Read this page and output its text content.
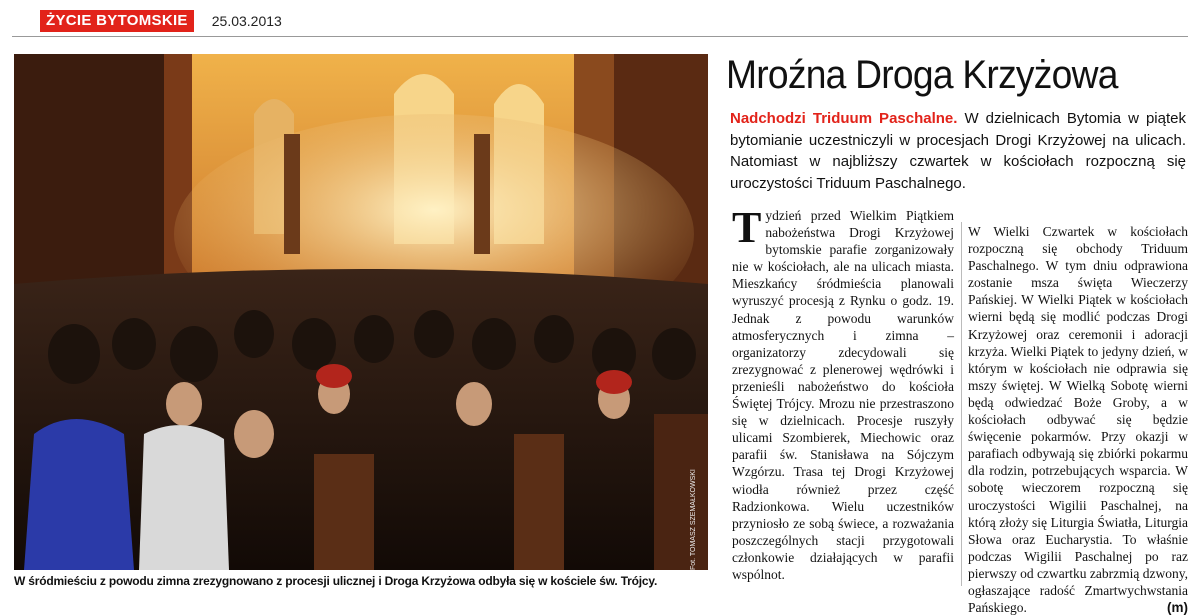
ŻYCIE BYTOMSKIE	25.03.2013
Fot. TOMASZ SZEMAŁKOWSKI
W śródmieściu z powodu zimna zrezygnowano z procesji ulicznej i Droga Krzyżowa odbyła się w kościele św. Trójcy.
Mroźna Droga Krzyżowa
Nadchodzi Triduum Paschalne. W dzielnicach Bytomia w piątek bytomianie uczestniczyli w procesjach Drogi Krzyżowej na ulicach. Natomiast w najbliższy czwartek w kościołach rozpoczną się uroczystości Triduum Paschalnego.
Tydzień przed Wielkim Piątkiem nabożeństwa Drogi Krzyżowej bytomskie parafie zorganizowały nie w kościołach, ale na ulicach miasta. Mieszkańcy śródmieścia planowali wyruszyć procesją z Rynku o godz. 19. Jednak z powodu warunków atmosferycznych i zimna – organizatorzy zdecydowali się zrezygnować z plenerowej wędrówki i przenieśli nabożeństwo do kościoła Świętej Trójcy. Mrozu nie przestraszono się w dzielnicach. Procesje ruszyły ulicami Szombierek, Miechowic oraz parafii św. Stanisława na Sójczym Wzgórzu. Trasa tej Drogi Krzyżowej wiodła również przez część Radzionkowa. Wielu uczestników przyniosło ze sobą świece, a rozważania poszczególnych stacji przygotowali członkowie działających w parafii wspólnot.
W Wielki Czwartek w kościołach rozpoczną się obchody Triduum Paschalnego. W tym dniu odprawiona zostanie msza święta Wieczerzy Pańskiej. W Wielki Piątek w kościołach wierni będą się modlić podczas Drogi Krzyżowej oraz ceremonii i adoracji krzyża. Wielki Piątek to jedyny dzień, w którym w kościołach nie odprawia się mszy świętej. W Wielką Sobotę wierni będą odwiedzać Boże Groby, a w kościołach odbywać się będzie święcenie pokarmów. Przy okazji w parafiach odbywają się zbiórki pokarmu dla rodzin, potrzebujących wsparcia. W sobotę wieczorem rozpoczną się uroczystości Wigilii Paschalnej, na którą złoży się Liturgia Światła, Liturgia Słowa oraz Eucharystia. To właśnie podczas Wigilii Paschalnej po raz pierwszy od czwartku zabrzmią dzwony, ogłaszające radość Zmartwychwstania Pańskiego.	(m)
